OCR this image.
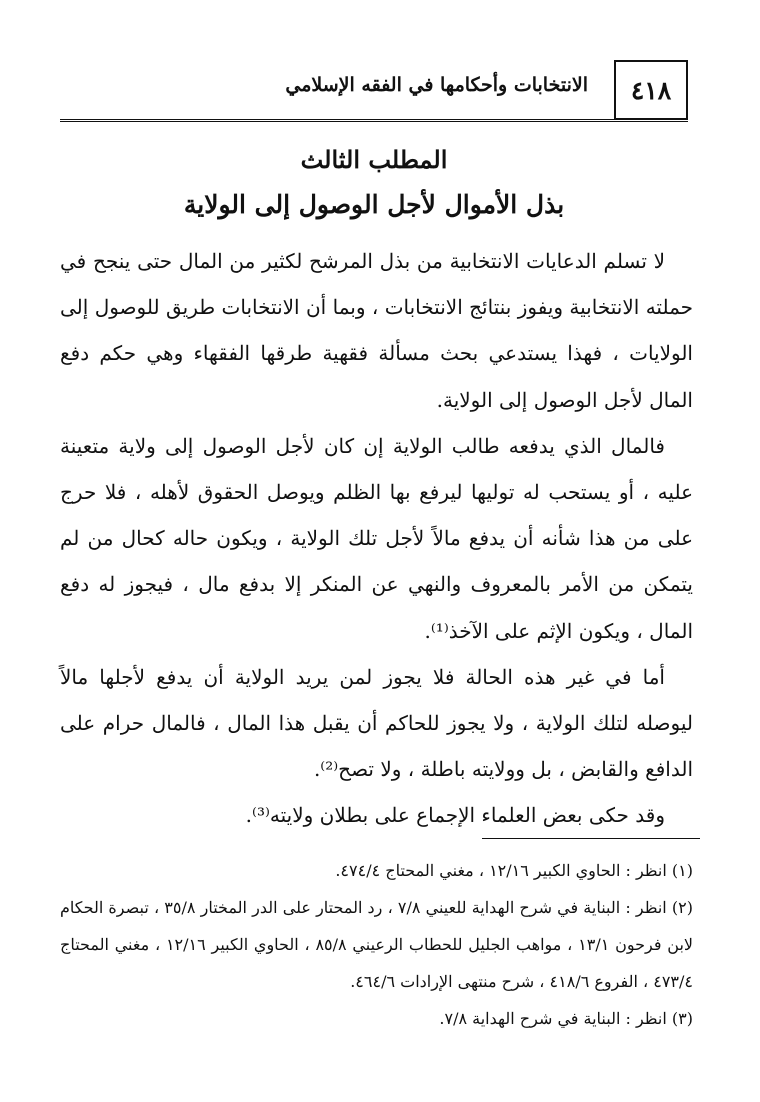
٤١٨
الانتخابات وأحكامها في الفقه الإسلامي
المطلب الثالث
بذل الأموال لأجل الوصول إلى الولاية

لا تسلم الدعايات الانتخابية من بذل المرشح لكثير من المال حتى ينجح في حملته الانتخابية ويفوز بنتائج الانتخابات ، وبما أن الانتخابات طريق للوصول إلى الولايات ، فهذا يستدعي بحث مسألة فقهية طرقها الفقهاء وهي حكم دفع المال لأجل الوصول إلى الولاية.

فالمال الذي يدفعه طالب الولاية إن كان لأجل الوصول إلى ولاية متعينة عليه ، أو يستحب له توليها ليرفع بها الظلم ويوصل الحقوق لأهله ، فلا حرج على من هذا شأنه أن يدفع مالاً لأجل تلك الولاية ، ويكون حاله كحال من لم يتمكن من الأمر بالمعروف والنهي عن المنكر إلا بدفع مال ، فيجوز له دفع المال ، ويكون الإثم على الآخذ⁽¹⁾.

أما في غير هذه الحالة فلا يجوز لمن يريد الولاية أن يدفع لأجلها مالاً ليوصله لتلك الولاية ، ولا يجوز للحاكم أن يقبل هذا المال ، فالمال حرام على الدافع والقابض ، بل وولايته باطلة ، ولا تصح⁽²⁾.

وقد حكى بعض العلماء الإجماع على بطلان ولايته⁽³⁾.

(١) انظر : الحاوي الكبير ١٢/١٦ ، مغني المحتاج ٤٧٤/٤.

(٢) انظر : البناية في شرح الهداية للعيني ٧/٨ ، رد المحتار على الدر المختار ٣٥/٨ ، تبصرة الحكام لابن فرحون ١٣/١ ، مواهب الجليل للحطاب الرعيني ٨٥/٨ ، الحاوي الكبير ١٢/١٦ ، مغني المحتاج ٤٧٣/٤ ، الفروع ٤١٨/٦ ، شرح منتهى الإرادات ٤٦٤/٦.

(٣) انظر : البناية في شرح الهداية ٧/٨.
